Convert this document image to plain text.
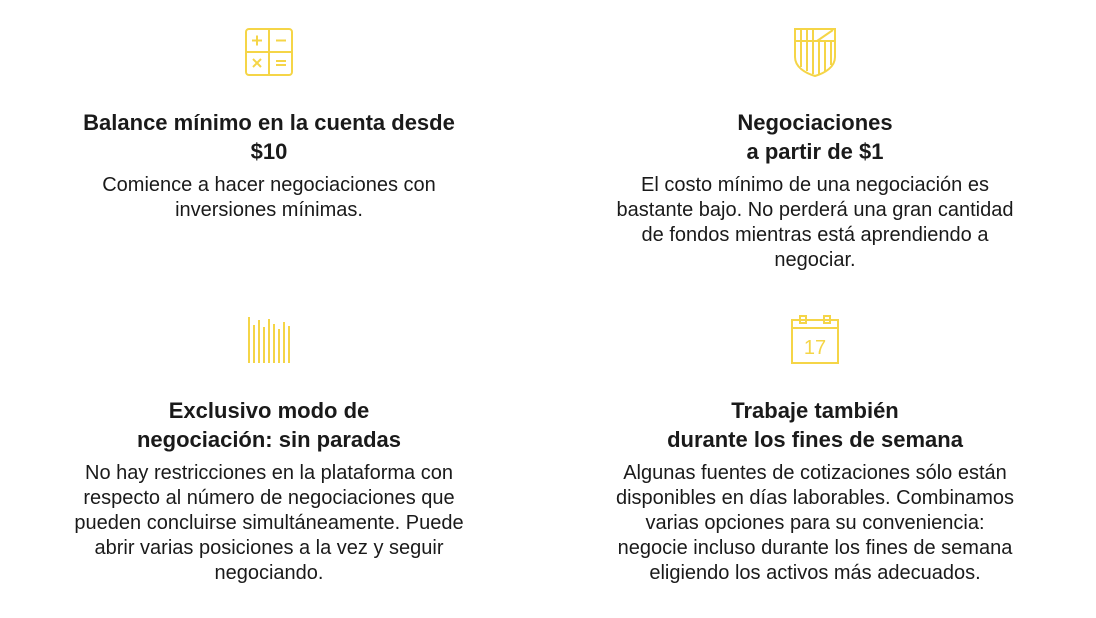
Balance mínimo en la cuenta desde
$10
Comience a hacer negociaciones con
inversiones mínimas.
Negociaciones
a partir de $1
El costo mínimo de una negociación es
bastante bajo. No perderá una gran cantidad
de fondos mientras está aprendiendo a
negociar.
Exclusivo modo de
negociación: sin paradas
No hay restricciones en la plataforma con
respecto al número de negociaciones que
pueden concluirse simultáneamente. Puede
abrir varias posiciones a la vez y seguir
negociando.
17
Trabaje también
durante los fines de semana
Algunas fuentes de cotizaciones sólo están
disponibles en días laborables. Combinamos
varias opciones para su conveniencia:
negocie incluso durante los fines de semana
eligiendo los activos más adecuados.
